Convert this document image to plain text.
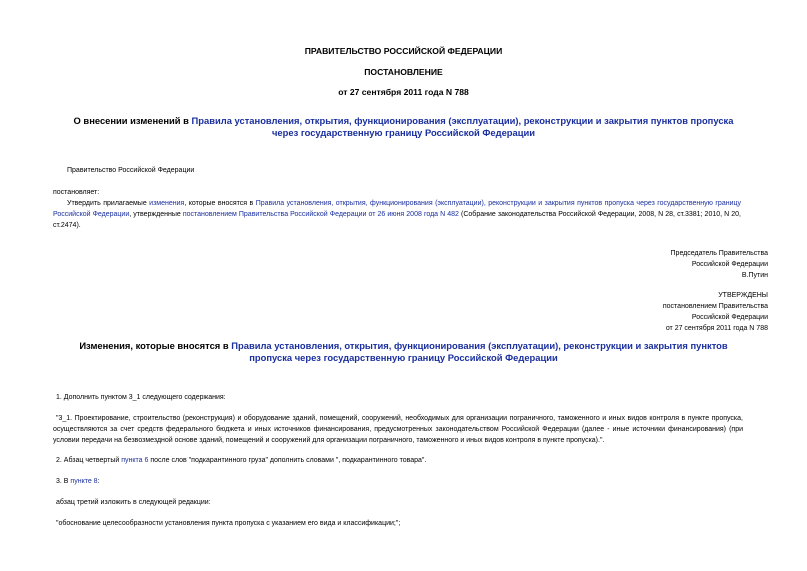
ПРАВИТЕЛЬСТВО РОССИЙСКОЙ ФЕДЕРАЦИИ
ПОСТАНОВЛЕНИЕ
от 27 сентября 2011 года N 788
О внесении изменений в Правила установления, открытия, функционирования (эксплуатации), реконструкции и закрытия пунктов пропуска через государственную границу Российской Федерации
Правительство Российской Федерации
постановляет:
Утвердить прилагаемые изменения, которые вносятся в Правила установления, открытия, функционирования (эксплуатации), реконструкции и закрытия пунктов пропуска через государственную границу Российской Федерации, утвержденные постановлением Правительства Российской Федерации от 26 июня 2008 года N 482 (Собрание законодательства Российской Федерации, 2008, N 28, ст.3381; 2010, N 20, ст.2474).
Председатель Правительства
Российской Федерации
В.Путин
УТВЕРЖДЕНЫ
постановлением Правительства
Российской Федерации
от 27 сентября 2011 года N 788
Изменения, которые вносятся в Правила установления, открытия, функционирования (эксплуатации), реконструкции и закрытия пунктов пропуска через государственную границу Российской Федерации
1. Дополнить пунктом 3_1 следующего содержания:
"3_1. Проектирование, строительство (реконструкция) и оборудование зданий, помещений, сооружений, необходимых для организации пограничного, таможенного и иных видов контроля в пункте пропуска, осуществляются за счет средств федерального бюджета и иных источников финансирования, предусмотренных законодательством Российской Федерации (далее - иные источники финансирования) (при условии передачи на безвозмездной основе зданий, помещений и сооружений для организации пограничного, таможенного и иных видов контроля в пункте пропуска).".
2. Абзац четвертый пункта 6 после слов "подкарантинного груза" дополнить словами ", подкарантинного товара".
3. В пункте 8:
абзац третий изложить в следующей редакции:
"обоснование целесообразности установления пункта пропуска с указанием его вида и классификации;";
